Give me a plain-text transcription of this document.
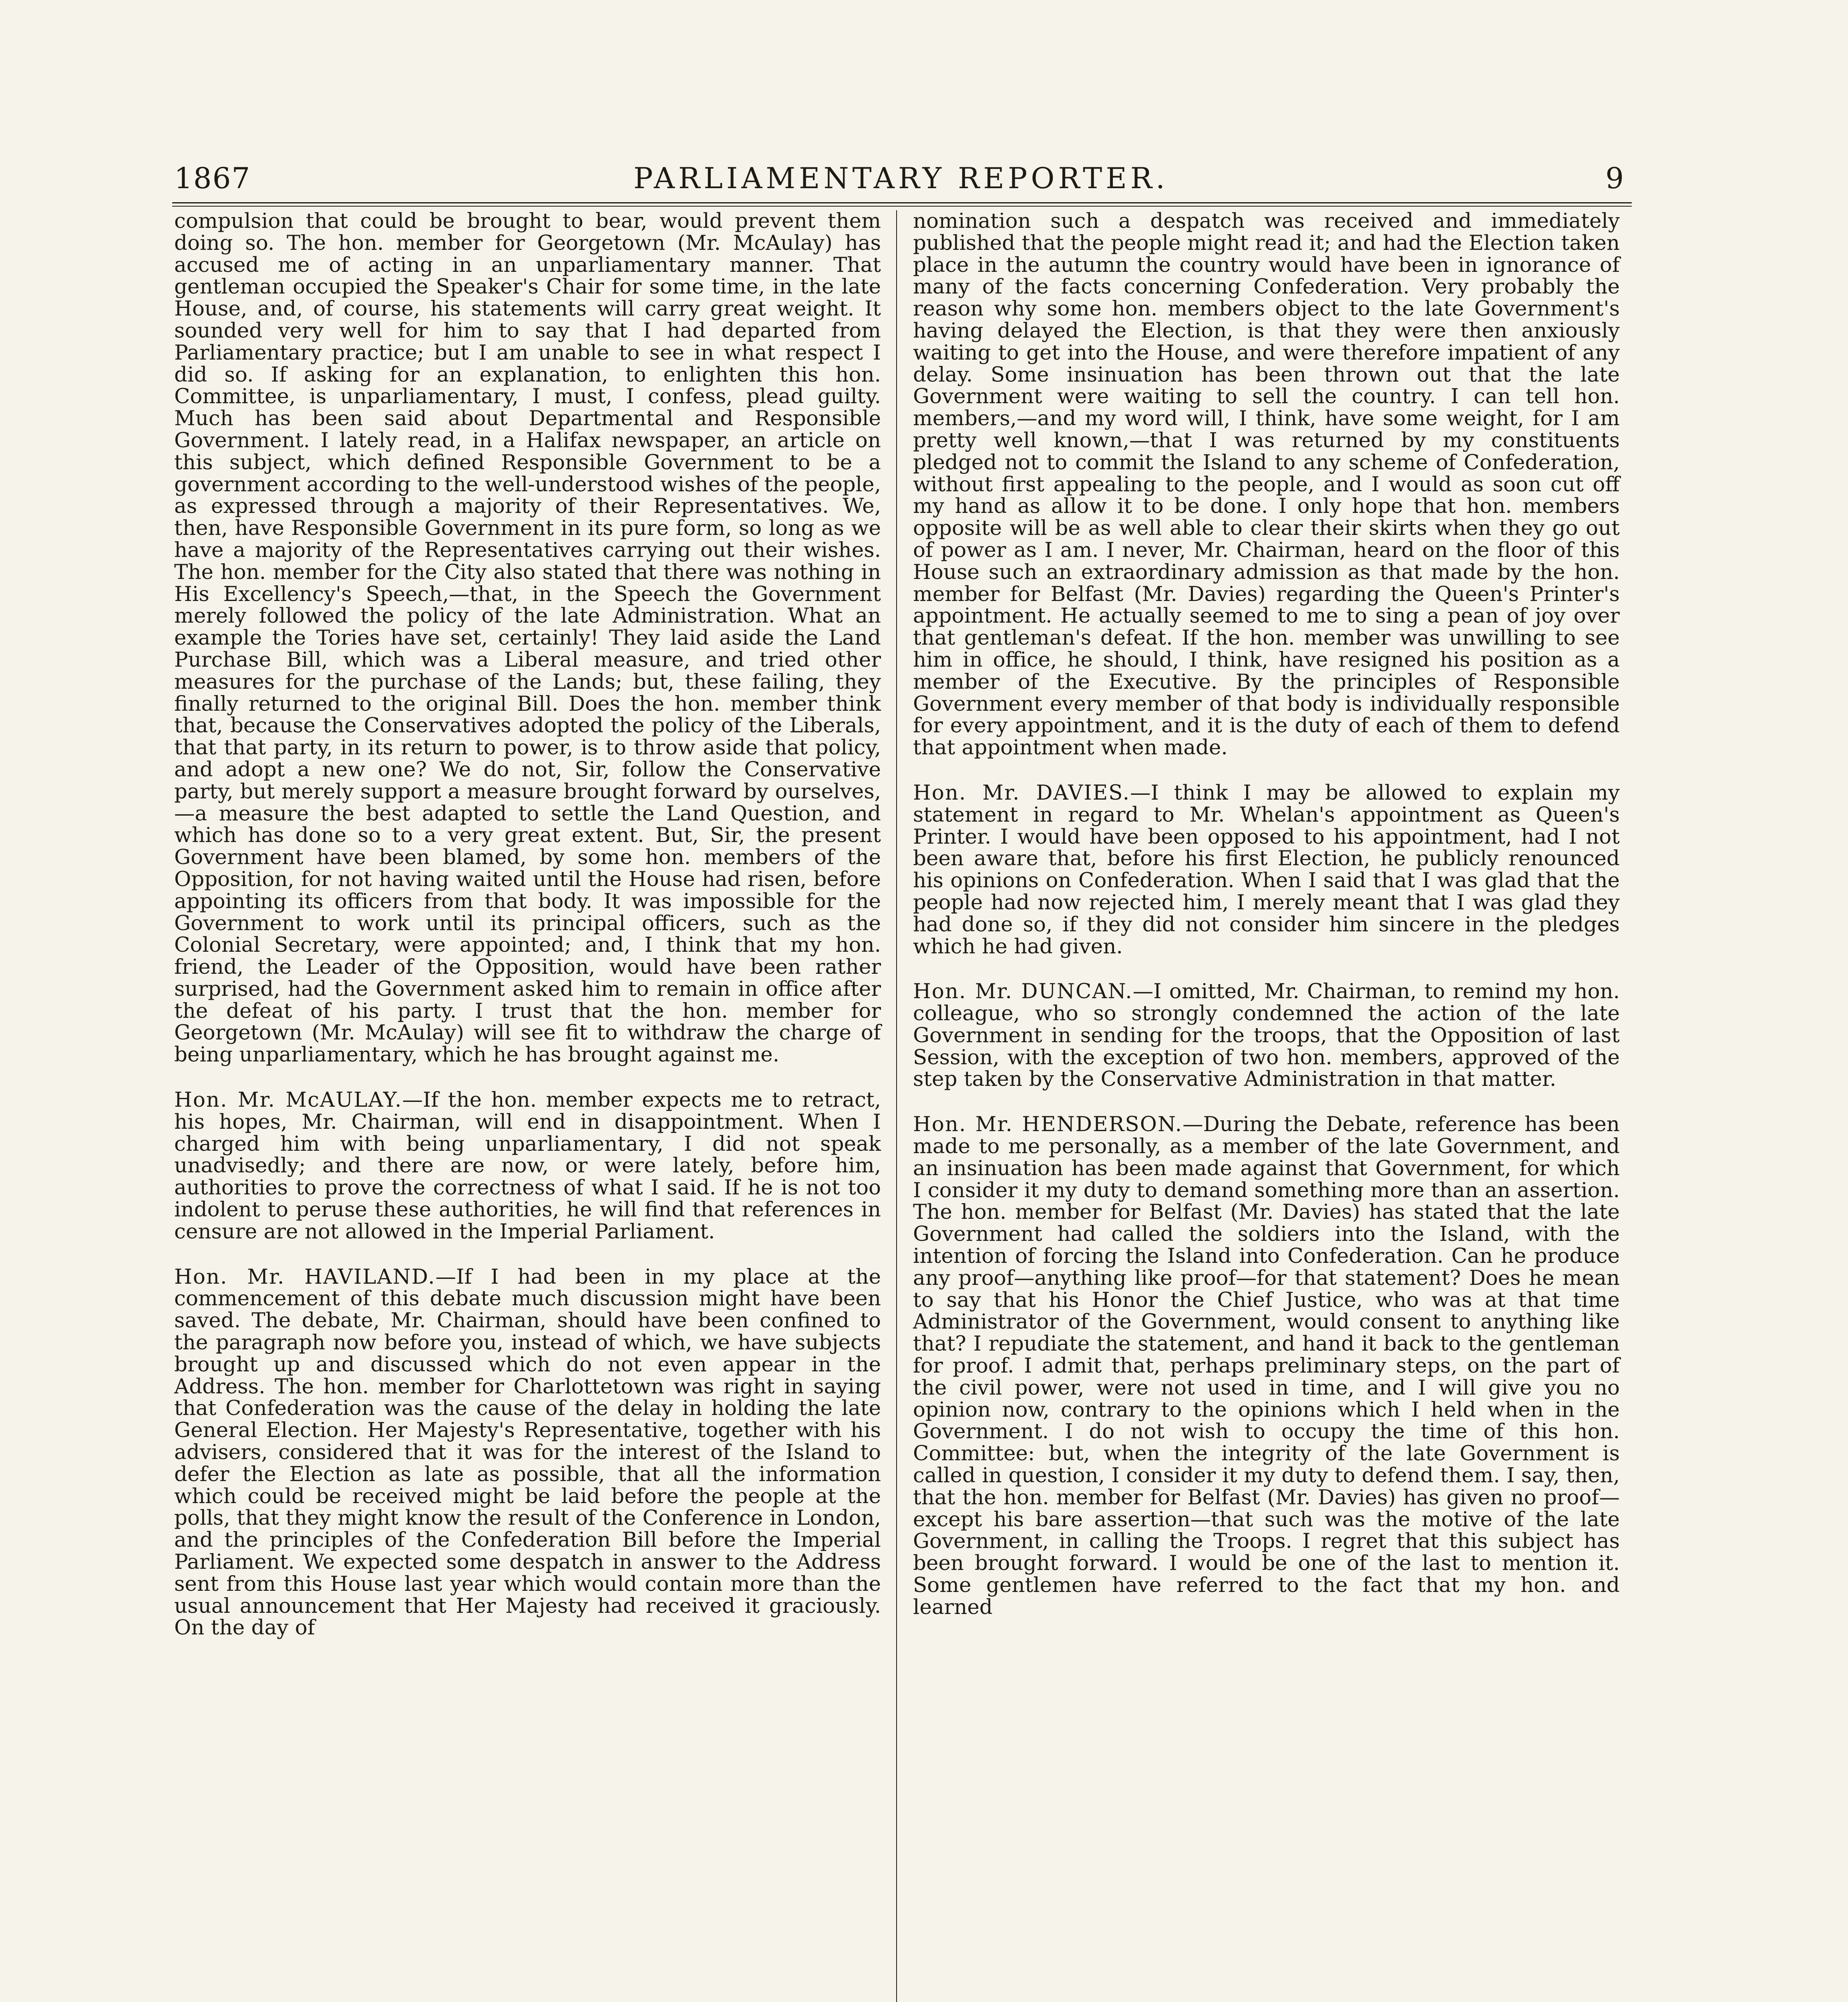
1867	PARLIAMENTARY REPORTER.	9

compulsion that could be brought to bear, would prevent them doing so. The hon. member for Georgetown (Mr. McAulay) has accused me of acting in an unparliamentary manner. That gentleman occupied the Speaker's Chair for some time, in the late House, and, of course, his statements will carry great weight. It sounded very well for him to say that I had departed from Parliamentary practice; but I am unable to see in what respect I did so. If asking for an explanation, to enlighten this hon. Committee, is unparliamentary, I must, I confess, plead guilty. Much has been said about Departmental and Responsible Government. I lately read, in a Halifax newspaper, an article on this subject, which defined Responsible Government to be a government according to the well-understood wishes of the people, as expressed through a majority of their Representatives. We, then, have Responsible Government in its pure form, so long as we have a majority of the Representatives carrying out their wishes. The hon. member for the City also stated that there was nothing in His Excellency's Speech,—that, in the Speech the Government merely followed the policy of the late Administration. What an example the Tories have set, certainly! They laid aside the Land Purchase Bill, which was a Liberal measure, and tried other measures for the purchase of the Lands; but, these failing, they finally returned to the original Bill. Does the hon. member think that, because the Conservatives adopted the policy of the Liberals, that that party, in its return to power, is to throw aside that policy, and adopt a new one? We do not, Sir, follow the Conservative party, but merely support a measure brought forward by ourselves,—a measure the best adapted to settle the Land Question, and which has done so to a very great extent. But, Sir, the present Government have been blamed, by some hon. members of the Opposition, for not having waited until the House had risen, before appointing its officers from that body. It was impossible for the Government to work until its principal officers, such as the Colonial Secretary, were appointed; and, I think that my hon. friend, the Leader of the Opposition, would have been rather surprised, had the Government asked him to remain in office after the defeat of his party. I trust that the hon. member for Georgetown (Mr. McAulay) will see fit to withdraw the charge of being unparliamentary, which he has brought against me.

Hon. Mr. McAULAY.—If the hon. member expects me to retract, his hopes, Mr. Chairman, will end in disappointment. When I charged him with being unparliamentary, I did not speak unadvisedly; and there are now, or were lately, before him, authorities to prove the correctness of what I said. If he is not too indolent to peruse these authorities, he will find that references in censure are not allowed in the Imperial Parliament.

Hon. Mr. HAVILAND.—If I had been in my place at the commencement of this debate much discussion might have been saved. The debate, Mr. Chairman, should have been confined to the paragraph now before you, instead of which, we have subjects brought up and discussed which do not even appear in the Address. The hon. member for Charlottetown was right in saying that Confederation was the cause of the delay in holding the late General Election. Her Majesty's Representative, together with his advisers, considered that it was for the interest of the Island to defer the Election as late as possible, that all the information which could be received might be laid before the people at the polls, that they might know the result of the Conference in London, and the principles of the Confederation Bill before the Imperial Parliament. We expected some despatch in answer to the Address sent from this House last year which would contain more than the usual announcement that Her Majesty had received it graciously. On the day of

nomination such a despatch was received and immediately published that the people might read it; and had the Election taken place in the autumn the country would have been in ignorance of many of the facts concerning Confederation. Very probably the reason why some hon. members object to the late Government's having delayed the Election, is that they were then anxiously waiting to get into the House, and were therefore impatient of any delay. Some insinuation has been thrown out that the late Government were waiting to sell the country. I can tell hon. members,—and my word will, I think, have some weight, for I am pretty well known,—that I was returned by my constituents pledged not to commit the Island to any scheme of Confederation, without first appealing to the people, and I would as soon cut off my hand as allow it to be done. I only hope that hon. members opposite will be as well able to clear their skirts when they go out of power as I am. I never, Mr. Chairman, heard on the floor of this House such an extraordinary admission as that made by the hon. member for Belfast (Mr. Davies) regarding the Queen's Printer's appointment. He actually seemed to me to sing a pean of joy over that gentleman's defeat. If the hon. member was unwilling to see him in office, he should, I think, have resigned his position as a member of the Executive. By the principles of Responsible Government every member of that body is individually responsible for every appointment, and it is the duty of each of them to defend that appointment when made.

Hon. Mr. DAVIES.—I think I may be allowed to explain my statement in regard to Mr. Whelan's appointment as Queen's Printer. I would have been opposed to his appointment, had I not been aware that, before his first Election, he publicly renounced his opinions on Confederation. When I said that I was glad that the people had now rejected him, I merely meant that I was glad they had done so, if they did not consider him sincere in the pledges which he had given.

Hon. Mr. DUNCAN.—I omitted, Mr. Chairman, to remind my hon. colleague, who so strongly condemned the action of the late Government in sending for the troops, that the Opposition of last Session, with the exception of two hon. members, approved of the step taken by the Conservative Administration in that matter.

Hon. Mr. HENDERSON.—During the Debate, reference has been made to me personally, as a member of the late Government, and an insinuation has been made against that Government, for which I consider it my duty to demand something more than an assertion. The hon. member for Belfast (Mr. Davies) has stated that the late Government had called the soldiers into the Island, with the intention of forcing the Island into Confederation. Can he produce any proof—anything like proof—for that statement? Does he mean to say that his Honor the Chief Justice, who was at that time Administrator of the Government, would consent to anything like that? I repudiate the statement, and hand it back to the gentleman for proof. I admit that, perhaps preliminary steps, on the part of the civil power, were not used in time, and I will give you no opinion now, contrary to the opinions which I held when in the Government. I do not wish to occupy the time of this hon. Committee: but, when the integrity of the late Government is called in question, I consider it my duty to defend them. I say, then, that the hon. member for Belfast (Mr. Davies) has given no proof—except his bare assertion—that such was the motive of the late Government, in calling the Troops. I regret that this subject has been brought forward. I would be one of the last to mention it. Some gentlemen have referred to the fact that my hon. and learned
